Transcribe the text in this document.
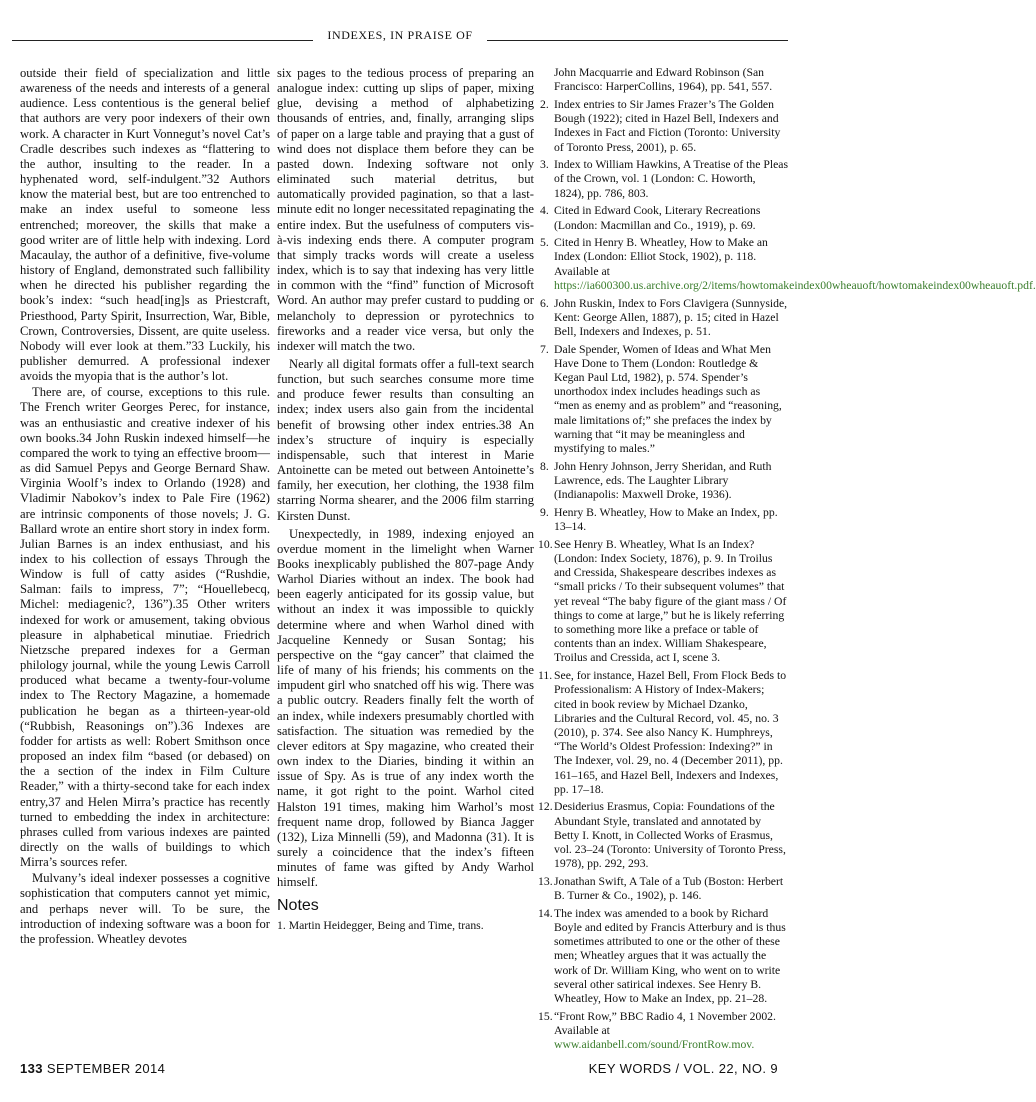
INDEXES, IN PRAISE OF

outside their field of specialization and little awareness of the needs and interests of a general audience. Less contentious is the general belief that authors are very poor indexers of their own work. A character in Kurt Vonnegut’s novel Cat’s Cradle describes such indexes as “flattering to the author, insulting to the reader. In a hyphenated word, self-indulgent.”32 Authors know the material best, but are too entrenched to make an index useful to someone less entrenched; moreover, the skills that make a good writer are of little help with indexing. Lord Macaulay, the author of a definitive, five-volume history of England, demonstrated such fallibility when he directed his publisher regarding the book’s index: “such head[ing]s as Priestcraft, Priesthood, Party Spirit, Insurrection, War, Bible, Crown, Controversies, Dissent, are quite useless. Nobody will ever look at them.”33 Luckily, his publisher demurred. A professional indexer avoids the myopia that is the author’s lot.

There are, of course, exceptions to this rule. The French writer Georges Perec, for instance, was an enthusiastic and creative indexer of his own books.34 John Ruskin indexed himself—he compared the work to tying an effective broom—as did Samuel Pepys and George Bernard Shaw. Virginia Woolf’s index to Orlando (1928) and Vladimir Nabokov’s index to Pale Fire (1962) are intrinsic components of those novels; J. G. Ballard wrote an entire short story in index form. Julian Barnes is an index enthusiast, and his index to his collection of essays Through the Window is full of catty asides (“Rushdie, Salman: fails to impress, 7”; “Houellebecq, Michel: mediagenic?, 136”).35 Other writers indexed for work or amusement, taking obvious pleasure in alphabetical minutiae. Friedrich Nietzsche prepared indexes for a German philology journal, while the young Lewis Carroll produced what became a twenty-four-volume index to The Rectory Magazine, a homemade publication he began as a thirteen-year-old (“Rubbish, Reasonings on”).36 Indexes are fodder for artists as well: Robert Smithson once proposed an index film “based (or debased) on the a section of the index in Film Culture Reader,” with a thirty-second take for each index entry,37 and Helen Mirra’s practice has recently turned to embedding the index in architecture: phrases culled from various indexes are painted directly on the walls of buildings to which Mirra’s sources refer.

Mulvany’s ideal indexer possesses a cognitive sophistication that computers cannot yet mimic, and perhaps never will. To be sure, the introduction of indexing software was a boon for the profession. Wheatley devotes

six pages to the tedious process of preparing an analogue index: cutting up slips of paper, mixing glue, devising a method of alphabetizing thousands of entries, and, finally, arranging slips of paper on a large table and praying that a gust of wind does not displace them before they can be pasted down. Indexing software not only eliminated such material detritus, but automatically provided pagination, so that a last-minute edit no longer necessitated repaginating the entire index. But the usefulness of computers vis-à-vis indexing ends there. A computer program that simply tracks words will create a useless index, which is to say that indexing has very little in common with the “find” function of Microsoft Word. An author may prefer custard to pudding or melancholy to depression or pyrotechnics to fireworks and a reader vice versa, but only the indexer will match the two.

Nearly all digital formats offer a full-text search function, but such searches consume more time and produce fewer results than consulting an index; index users also gain from the incidental benefit of browsing other index entries.38 An index’s structure of inquiry is especially indispensable, such that interest in Marie Antoinette can be meted out between Antoinette’s family, her execution, her clothing, the 1938 film starring Norma shearer, and the 2006 film starring Kirsten Dunst.

Unexpectedly, in 1989, indexing enjoyed an overdue moment in the limelight when Warner Books inexplicably published the 807-page Andy Warhol Diaries without an index. The book had been eagerly anticipated for its gossip value, but without an index it was impossible to quickly determine where and when Warhol dined with Jacqueline Kennedy or Susan Sontag; his perspective on the “gay cancer” that claimed the life of many of his friends; his comments on the impudent girl who snatched off his wig. There was a public outcry. Readers finally felt the worth of an index, while indexers presumably chortled with satisfaction. The situation was remedied by the clever editors at Spy magazine, who created their own index to the Diaries, binding it within an issue of Spy. As is true of any index worth the name, it got right to the point. Warhol cited Halston 191 times, making him Warhol’s most frequent name drop, followed by Bianca Jagger (132), Liza Minnelli (59), and Madonna (31). It is surely a coincidence that the index’s fifteen minutes of fame was gifted by Andy Warhol himself.

Notes

1. Martin Heidegger, Being and Time, trans.

John Macquarrie and Edward Robinson (San Francisco: HarperCollins, 1964), pp. 541, 557.
2. Index entries to Sir James Frazer’s The Golden Bough (1922); cited in Hazel Bell, Indexers and Indexes in Fact and Fiction (Toronto: University of Toronto Press, 2001), p. 65.
3. Index to William Hawkins, A Treatise of the Pleas of the Crown, vol. 1 (London: C. Howorth, 1824), pp. 786, 803.
4. Cited in Edward Cook, Literary Recreations (London: Macmillan and Co., 1919), p. 69.
5. Cited in Henry B. Wheatley, How to Make an Index (London: Elliot Stock, 1902), p. 118. Available at https://ia600300.us.archive.org/2/items/howtomakeindex00wheauoft/howtomakeindex00wheauoft.pdf.
6. John Ruskin, Index to Fors Clavigera (Sunnyside, Kent: George Allen, 1887), p. 15; cited in Hazel Bell, Indexers and Indexes, p. 51.
7. Dale Spender, Women of Ideas and What Men Have Done to Them (London: Routledge & Kegan Paul Ltd, 1982), p. 574. Spender’s unorthodox index includes headings such as “men as enemy and as problem” and “reasoning, male limitations of;” she prefaces the index by warning that “it may be meaningless and mystifying to males.”
8. John Henry Johnson, Jerry Sheridan, and Ruth Lawrence, eds. The Laughter Library (Indianapolis: Maxwell Droke, 1936).
9. Henry B. Wheatley, How to Make an Index, pp. 13–14.
10. See Henry B. Wheatley, What Is an Index? (London: Index Society, 1876), p. 9. In Troilus and Cressida, Shakespeare describes indexes as “small pricks / To their subsequent volumes” that yet reveal “The baby figure of the giant mass / Of things to come at large,” but he is likely referring to something more like a preface or table of contents than an index. William Shakespeare, Troilus and Cressida, act I, scene 3.
11. See, for instance, Hazel Bell, From Flock Beds to Professionalism: A History of Index-Makers; cited in book review by Michael Dzanko, Libraries and the Cultural Record, vol. 45, no. 3 (2010), p. 374. See also Nancy K. Humphreys, “The World’s Oldest Profession: Indexing?” in The Indexer, vol. 29, no. 4 (December 2011), pp. 161–165, and Hazel Bell, Indexers and Indexes, pp. 17–18.
12. Desiderius Erasmus, Copia: Foundations of the Abundant Style, translated and annotated by Betty I. Knott, in Collected Works of Erasmus, vol. 23–24 (Toronto: University of Toronto Press, 1978), pp. 292, 293.
13. Jonathan Swift, A Tale of a Tub (Boston: Herbert B. Turner & Co., 1902), p. 146.
14. The index was amended to a book by Richard Boyle and edited by Francis Atterbury and is thus sometimes attributed to one or the other of these men; Wheatley argues that it was actually the work of Dr. William King, who went on to write several other satirical indexes. See Henry B. Wheatley, How to Make an Index, pp. 21–28.
15. “Front Row,” BBC Radio 4, 1 November 2002. Available at www.aidanbell.com/sound/FrontRow.mov.
133 SEPTEMBER 2014	KEY WORDS / VOL. 22, NO. 9
